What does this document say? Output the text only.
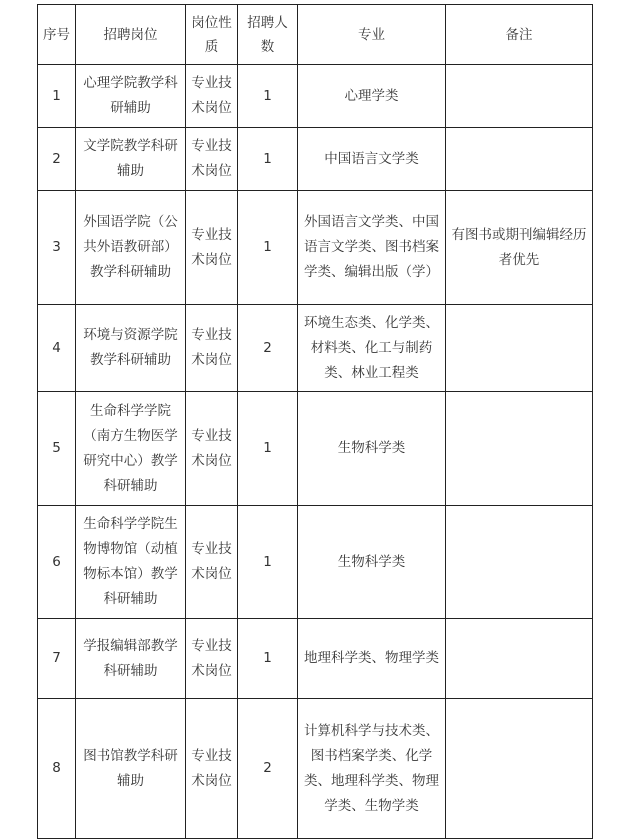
序号	招聘岗位	岗位性质	招聘人数	专业	备注
1	心理学院教学科研辅助	专业技术岗位	1	心理学类	
2	文学院教学科研辅助	专业技术岗位	1	中国语言文学类	
3	外国语学院（公共外语教研部）教学科研辅助	专业技术岗位	1	外国语言文学类、中国语言文学类、图书档案学类、编辑出版（学）	有图书或期刊编辑经历者优先
4	环境与资源学院教学科研辅助	专业技术岗位	2	环境生态类、化学类、材料类、化工与制药类、林业工程类	
5	生命科学学院（南方生物医学研究中心）教学科研辅助	专业技术岗位	1	生物科学类	
6	生命科学学院生物博物馆（动植物标本馆）教学科研辅助	专业技术岗位	1	生物科学类	
7	学报编辑部教学科研辅助	专业技术岗位	1	地理科学类、物理学类	
8	图书馆教学科研辅助	专业技术岗位	2	计算机科学与技术类、图书档案学类、化学类、地理科学类、物理学类、生物学类	
